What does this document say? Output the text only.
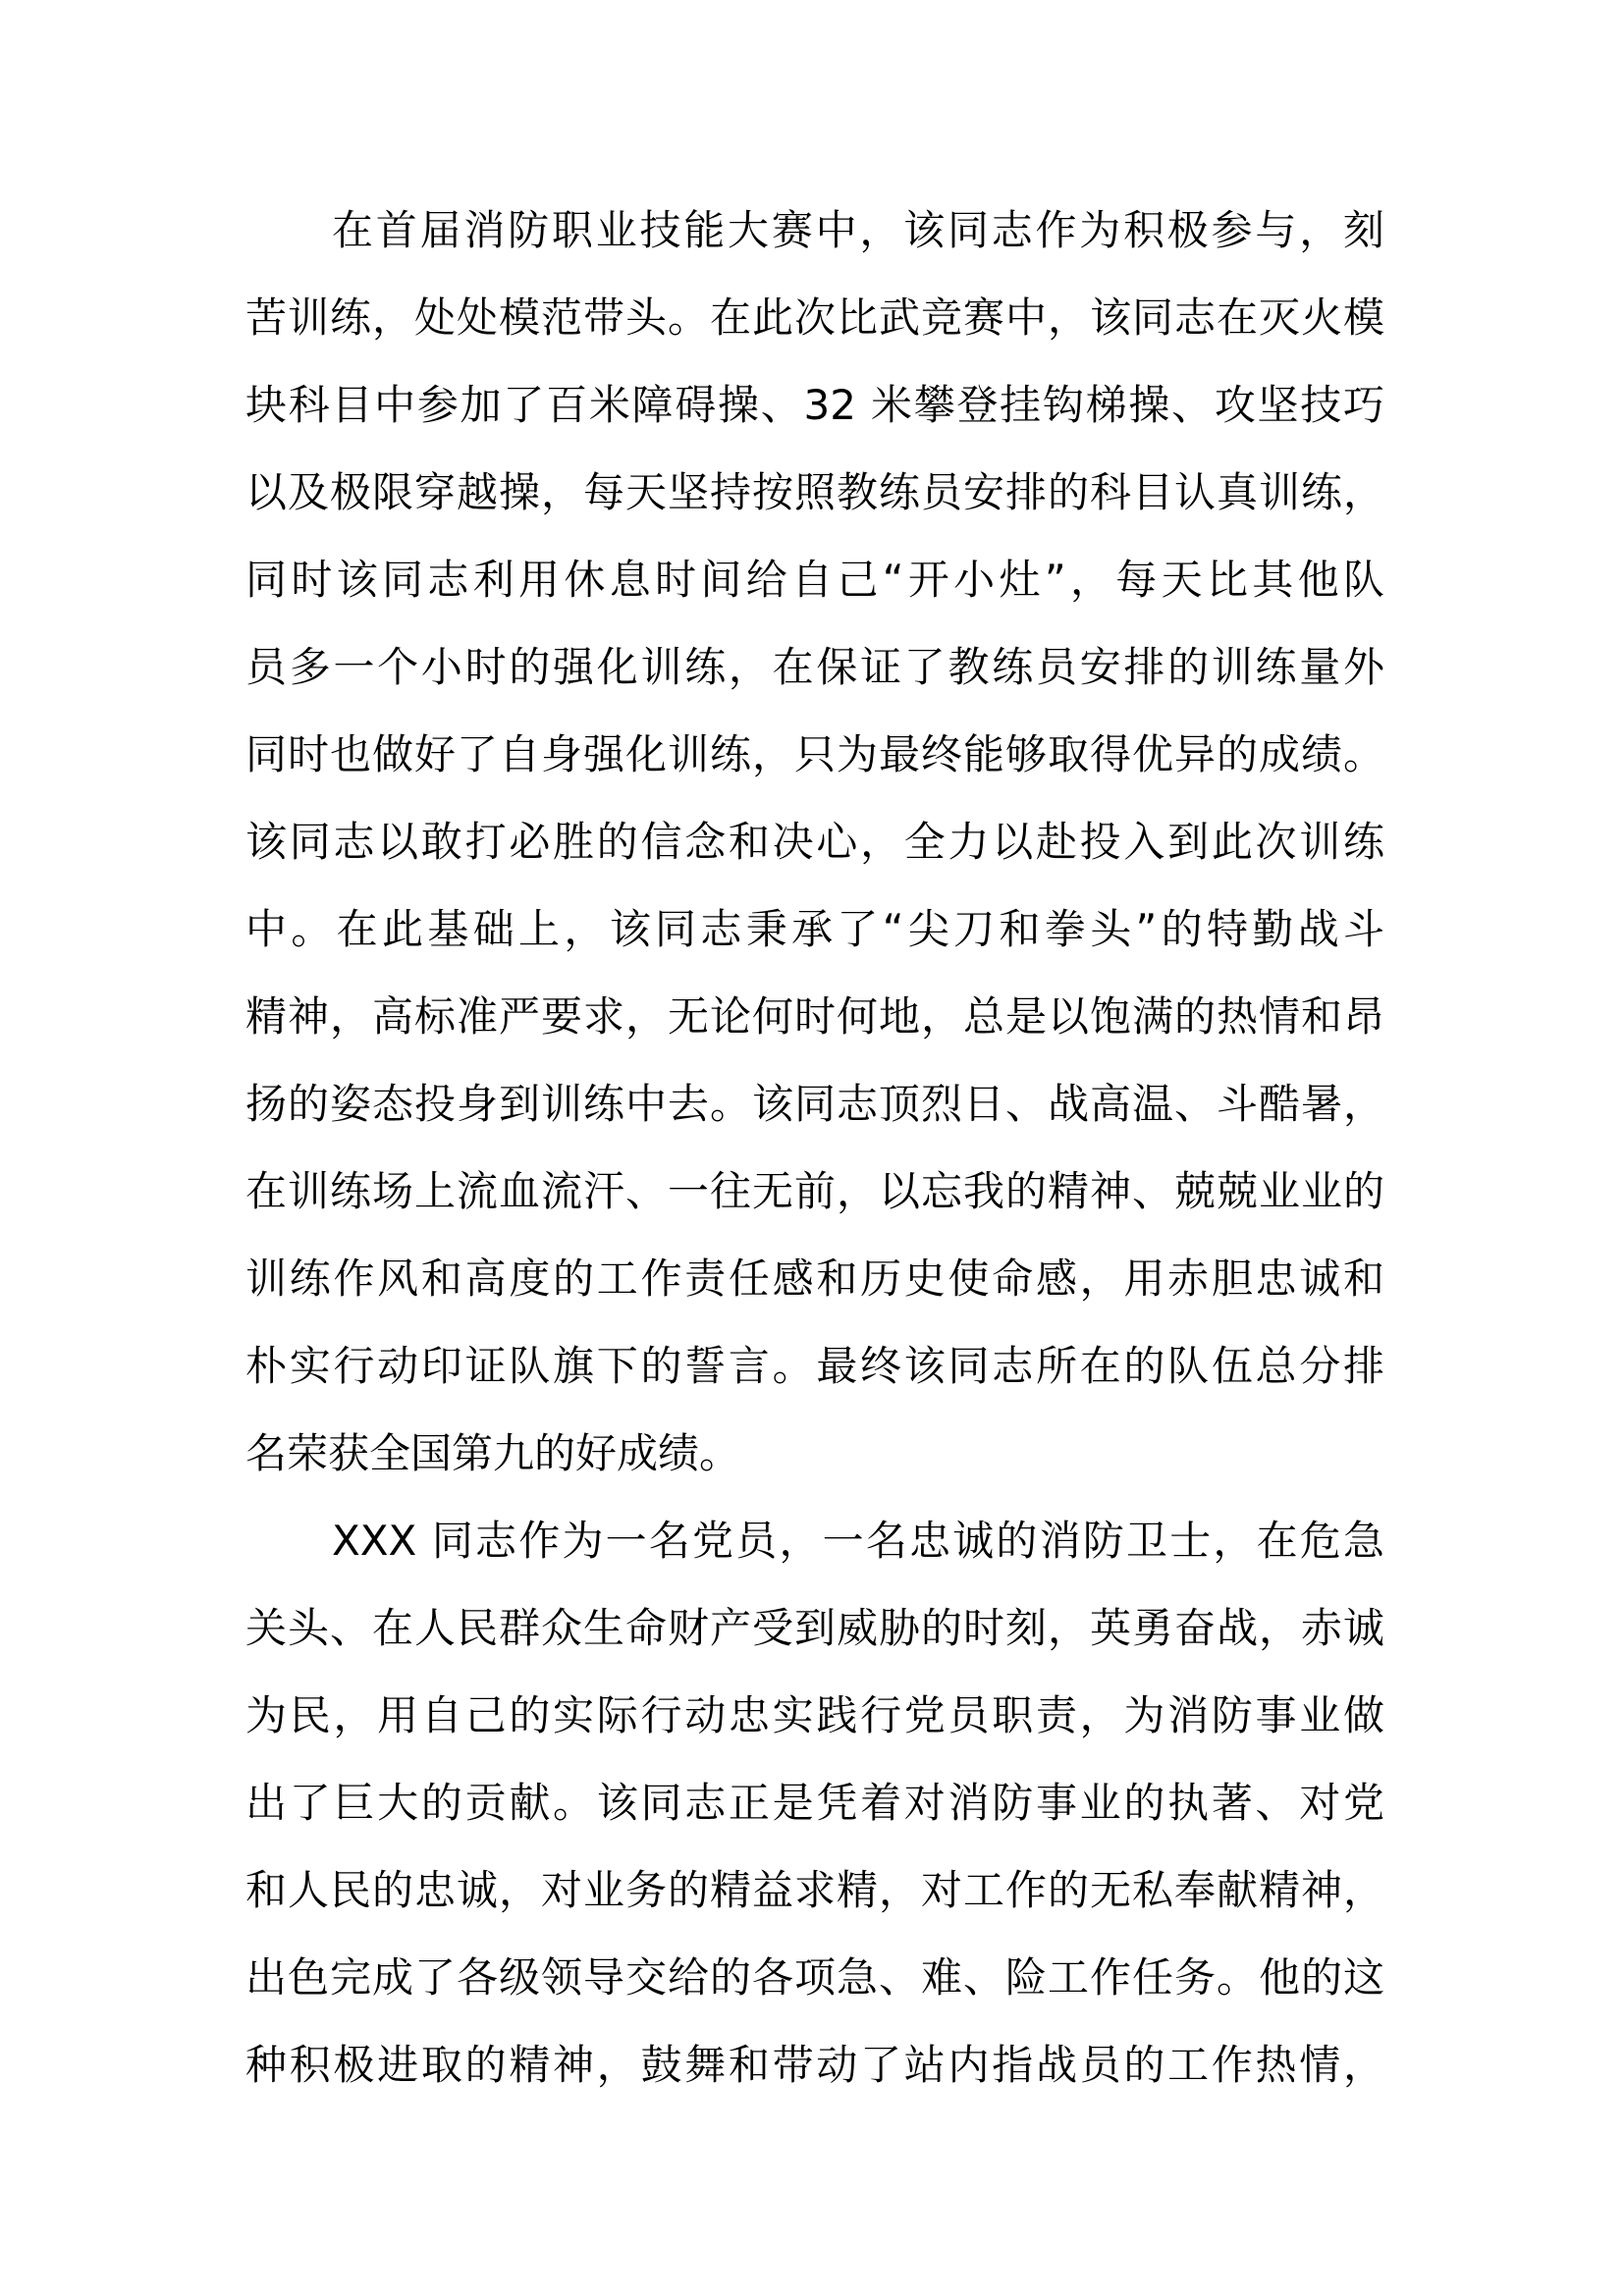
在首届消防职业技能大赛中，该同志作为积极参与，刻
苦训练，处处模范带头。在此次比武竞赛中，该同志在灭火模
块科目中参加了百米障碍操、32 米攀登挂钩梯操、攻坚技巧
以及极限穿越操，每天坚持按照教练员安排的科目认真训练，
同时该同志利用休息时间给自己“开小灶”，每天比其他队
员多一个小时的强化训练，在保证了教练员安排的训练量外
同时也做好了自身强化训练，只为最终能够取得优异的成绩。
该同志以敢打必胜的信念和决心，全力以赴投入到此次训练
中。在此基础上，该同志秉承了“尖刀和拳头”的特勤战斗
精神，高标准严要求，无论何时何地，总是以饱满的热情和昂
扬的姿态投身到训练中去。该同志顶烈日、战高温、斗酷暑，
在训练场上流血流汗、一往无前，以忘我的精神、兢兢业业的
训练作风和高度的工作责任感和历史使命感，用赤胆忠诚和
朴实行动印证队旗下的誓言。最终该同志所在的队伍总分排
名荣获全国第九的好成绩。
XXX 同志作为一名党员，一名忠诚的消防卫士，在危急
关头、在人民群众生命财产受到威胁的时刻，英勇奋战，赤诚
为民，用自己的实际行动忠实践行党员职责，为消防事业做
出了巨大的贡献。该同志正是凭着对消防事业的执著、对党
和人民的忠诚，对业务的精益求精，对工作的无私奉献精神，
出色完成了各级领导交给的各项急、难、险工作任务。他的这
种积极进取的精神，鼓舞和带动了站内指战员的工作热情，
